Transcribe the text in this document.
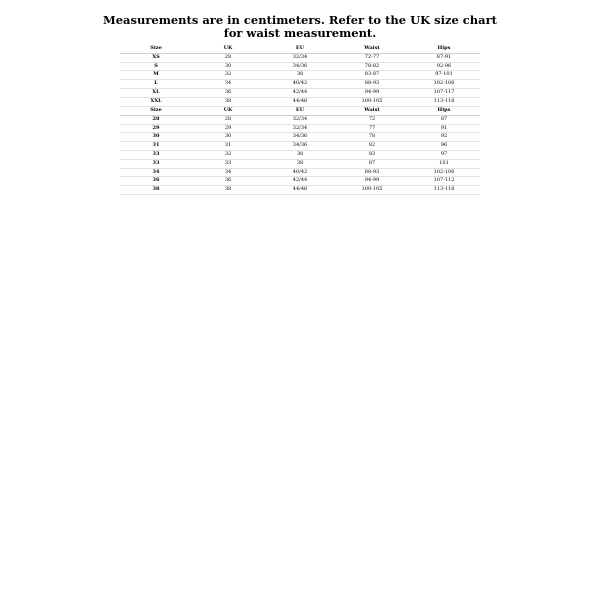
Measurements are in centimeters. Refer to the UK size chart for waist measurement.
Size	UK	EU	Waist	Hips
XS	28	32/34	72-77	87-91
S	30	34/36	78-82	92-96
M	32	38	83-87	97-101
L	34	40/42	88-93	102-106
XL	36	42/44	94-99	107-117
XXL	38	44/46	100-105	113-118
Size	UK	EU	Waist	Hips
28	28	32/34	72	87
29	29	32/34	77	91
30	30	34/36	78	92
31	31	34/36	82	96
33	32	38	83	97
33	33	38	87	101
34	34	40/42	88-93	102-106
36	36	42/44	94-99	107-112
38	38	44/46	100-105	113-118
